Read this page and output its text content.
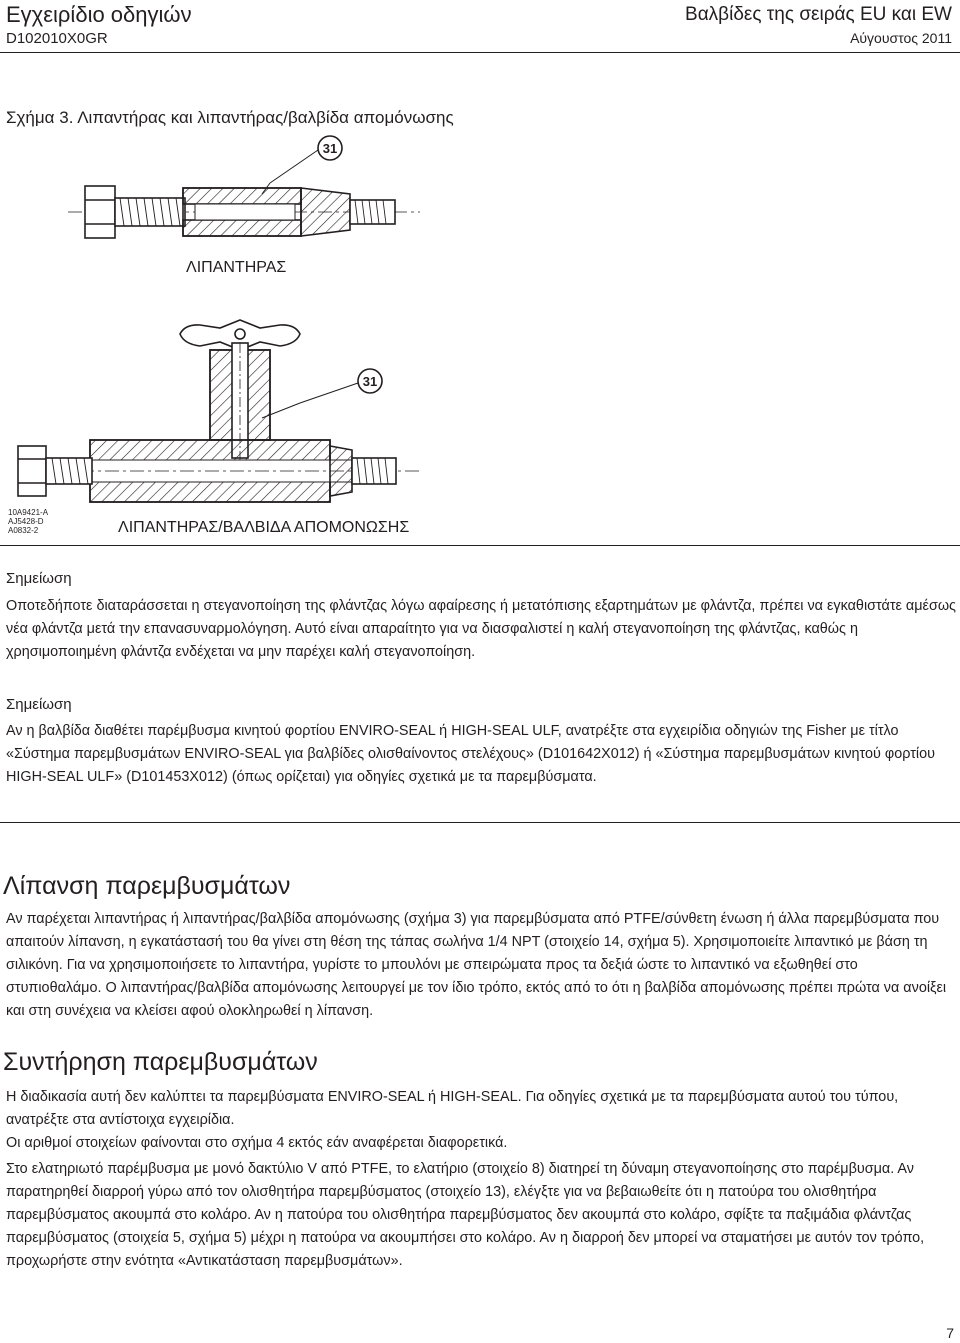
Εγχειρίδιο οδηγιών
D102010X0GR
Βαλβίδες της σειράς EU και EW
Αύγουστος 2011
Σχήμα 3. Λιπαντήρας και λιπαντήρας/βαλβίδα απομόνωσης
31
31
ΛΙΠΑΝΤΗΡΑΣ
10A9421-A
AJ5428-D
A0832-2	ΛΙΠΑΝΤΗΡΑΣ/ΒΑΛΒΙΔΑ ΑΠΟΜΟΝΩΣΗΣ
Σημείωση

Οποτεδήποτε διαταράσσεται η στεγανοποίηση της φλάντζας λόγω αφαίρεσης ή μετατόπισης εξαρτημάτων με φλάντζα, πρέπει να εγκαθιστάτε αμέσως νέα φλάντζα μετά την επανασυναρμολόγηση. Αυτό είναι απαραίτητο για να διασφαλιστεί η καλή στεγανοποίηση της φλάντζας, καθώς η χρησιμοποιημένη φλάντζα ενδέχεται να μην παρέχει καλή στεγανοποίηση.

Σημείωση

Αν η βαλβίδα διαθέτει παρέμβυσμα κινητού φορτίου ENVIRO-SEAL ή HIGH-SEAL ULF, ανατρέξτε στα εγχειρίδια οδηγιών της Fisher με τίτλο «Σύστημα παρεμβυσμάτων ENVIRO-SEAL για βαλβίδες ολισθαίνοντος στελέχους» (D101642X012) ή «Σύστημα παρεμβυσμάτων κινητού φορτίου HIGH-SEAL ULF» (D101453X012) (όπως ορίζεται) για οδηγίες σχετικά με τα παρεμβύσματα.

Λίπανση παρεμβυσμάτων

Αν παρέχεται λιπαντήρας ή λιπαντήρας/βαλβίδα απομόνωσης (σχήμα 3) για παρεμβύσματα από PTFE/σύνθετη ένωση ή άλλα παρεμβύσματα που απαιτούν λίπανση, η εγκατάστασή του θα γίνει στη θέση της τάπας σωλήνα 1/4 NPT (στοιχείο 14, σχήμα 5). Χρησιμοποιείτε λιπαντικό με βάση τη σιλικόνη. Για να χρησιμοποιήσετε το λιπαντήρα, γυρίστε το μπουλόνι με σπειρώματα προς τα δεξιά ώστε το λιπαντικό να εξωθηθεί στο στυπιοθαλάμο. Ο λιπαντήρας/βαλβίδα απομόνωσης λειτουργεί με τον ίδιο τρόπο, εκτός από το ότι η βαλβίδα απομόνωσης πρέπει πρώτα να ανοίξει και στη συνέχεια να κλείσει αφού ολοκληρωθεί η λίπανση.

Συντήρηση παρεμβυσμάτων

Η διαδικασία αυτή δεν καλύπτει τα παρεμβύσματα ENVIRO-SEAL ή HIGH-SEAL. Για οδηγίες σχετικά με τα παρεμβύσματα αυτού του τύπου, ανατρέξτε στα αντίστοιχα εγχειρίδια.

Οι αριθμοί στοιχείων φαίνονται στο σχήμα 4 εκτός εάν αναφέρεται διαφορετικά.

Στο ελατηριωτό παρέμβυσμα με μονό δακτύλιο V από PTFE, το ελατήριο (στοιχείο 8) διατηρεί τη δύναμη στεγανοποίησης στο παρέμβυσμα. Αν παρατηρηθεί διαρροή γύρω από τον ολισθητήρα παρεμβύσματος (στοιχείο 13), ελέγξτε για να βεβαιωθείτε ότι η πατούρα του ολισθητήρα παρεμβύσματος ακουμπά στο κολάρο. Αν η πατούρα του ολισθητήρα παρεμβύσματος δεν ακουμπά στο κολάρο, σφίξτε τα παξιμάδια φλάντζας παρεμβύσματος (στοιχεία 5, σχήμα 5) μέχρι η πατούρα να ακουμπήσει στο κολάρο. Αν η διαρροή δεν μπορεί να σταματήσει με αυτόν τον τρόπο, προχωρήστε στην ενότητα «Αντικατάσταση παρεμβυσμάτων».

7
